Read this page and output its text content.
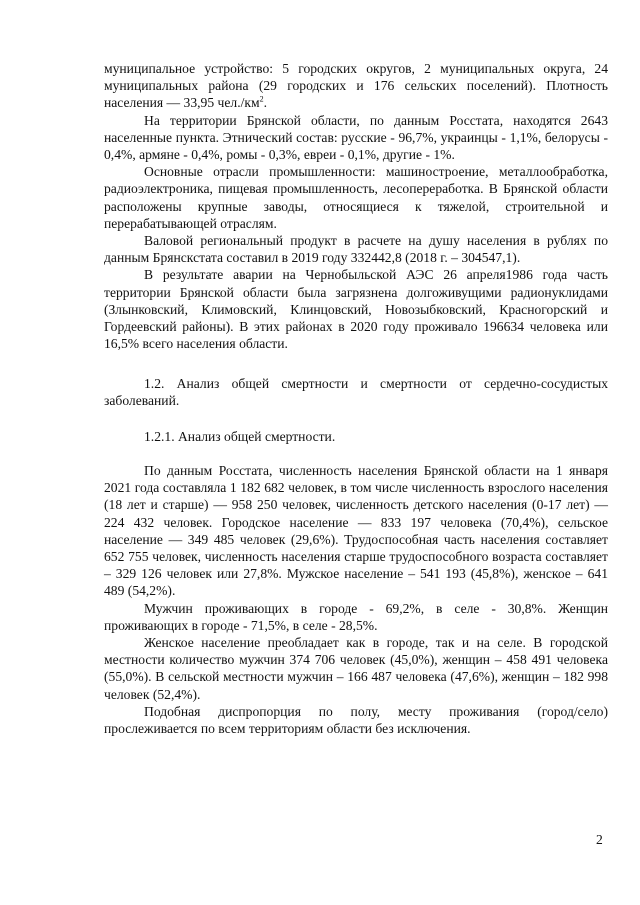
муниципальное устройство: 5 городских округов, 2 муниципальных округа, 24 муниципальных района (29 городских и 176 сельских поселений). Плотность населения — 33,95 $чел./км^2$.

На территории Брянской области, по данным Росстата, находятся 2643 населенные пункта. Этнический состав: русские - 96,7%, украинцы - 1,1%, белорусы - 0,4%, армяне - 0,4%, ромы - 0,3%, евреи - 0,1%, другие - 1%.

Основные отрасли промышленности: машиностроение, металлообработка, радиоэлектроника, пищевая промышленность, лесопереработка. В Брянской области расположены крупные заводы, относящиеся к тяжелой, строительной и перерабатывающей отраслям.

Валовой региональный продукт в расчете на душу населения в рублях по данным Брянскстата составил в 2019 году 332442,8 (2018 г. – 304547,1).

В результате аварии на Чернобыльской АЭС 26 апреля1986 года часть территории Брянской области была загрязнена долгоживущими радионуклидами (Злынковский, Климовский, Клинцовский, Новозыбковский, Красногорский и Гордеевский районы). В этих районах в 2020 году проживало 196634 человека или 16,5% всего населения области.

1.2. Анализ общей смертности и смертности от сердечно-сосудистых заболеваний.

1.2.1. Анализ общей смертности.

По данным Росстата, численность населения Брянской области на 1 января 2021 года составляла 1 182 682 человек, в том числе численность взрослого населения (18 лет и старше) — 958 250 человек, численность детского населения (0-17 лет) — 224 432 человек. Городское население — 833 197 человека (70,4%), сельское население — 349 485 человек (29,6%). Трудоспособная часть населения составляет 652 755 человек, численность населения старше трудоспособного возраста составляет – 329 126 человек или 27,8%. Мужское население – 541 193 (45,8%), женское – 641 489 (54,2%).

Мужчин проживающих в городе - 69,2%, в селе - 30,8%. Женщин проживающих в городе - 71,5%, в селе - 28,5%.

Женское население преобладает как в городе, так и на селе. В городской местности количество мужчин 374 706 человек (45,0%), женщин – 458 491 человека (55,0%). В сельской местности мужчин – 166 487 человека (47,6%), женщин – 182 998 человек (52,4%).

Подобная диспропорция по полу, месту проживания (город/село) прослеживается по всем территориям области без исключения.

2
